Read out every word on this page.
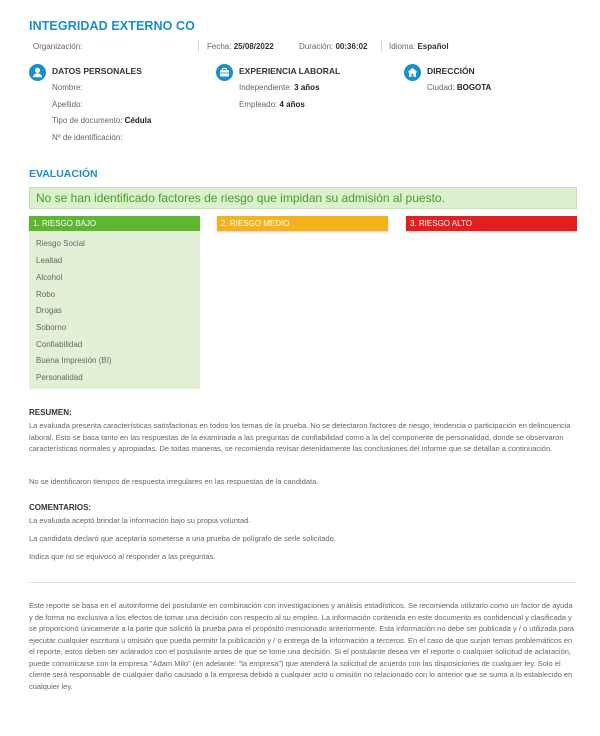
INTEGRIDAD EXTERNO CO
Organización:	Fecha: 25/08/2022	Duración: 00:36:02	Idioma: Español
DATOS PERSONALES
Nombre:
Apellido:
Tipo de documento: Cédula
Nº de identificación:
EXPERIENCIA LABORAL
Independiente: 3 años
Empleado: 4 años
DIRECCIÓN
Ciudad: BOGOTA
EVALUACIÓN
No se han identificado factores de riesgo que impidan su admisión al puesto.
1. RIESGO BAJO	2. RIESGO MEDIO	3. RIESGO ALTO
Riesgo Social
Lealtad
Alcohol
Robo
Drogas
Soborno
Confiabilidad
Buena Impresión (BI)
Personalidad
RESUMEN:

La evaluada presenta características satisfactorias en todos los temas de la prueba. No se detectaron factores de riesgo, tendencia o participación en delincuencia laboral. Esto se basa tanto en las respuestas de la examinada a las preguntas de confiabilidad como a la del componente de personalidad, donde se observaron características normales y apropiadas. De todas maneras, se recomienda revisar detenidamente las conclusiones del informe que se detallan a continuación.

No se identificaron tiempos de respuesta irregulares en las respuestas de la candidata.

COMENTARIOS:

La evaluada aceptó brindar la información bajo su propia voluntad.

La candidata declaró que aceptaría someterse a una prueba de polígrafo de serle solicitado.

Indica que no se equivocó al responder a las preguntas.

Este reporte se basa en el autoinforme del postulante en combinación con investigaciones y análisis estadísticos. Se recomienda utilizarlo como un factor de ayuda y de forma no exclusiva a los efectos de tomar una decisión con respecto al su empleo. La información contenida en este documento es confidencial y clasificada y se proporcionó únicamente a la parte que solicitó la prueba para el propósito mencionado anteriormente. Esta información no debe ser publicada y / o utilizada para ejecutar cualquier escritura u omisión que pueda permitir la publicación y / o entrega de la información a terceros. En el caso de que surjan temas problemáticos en el reporte, estos deben ser aclarados con el postulante antes de que se tome una decisión. Si el postulante desea ver el reporte o cualquier solicitud de aclaración, puede comunicarse con la empresa "Adam Milo" (en adelante: "la empresa") que atenderá la solicitud de acuerdo con las disposiciones de cualquier ley. Solo el cliente será responsable de cualquier daño causado a la empresa debido a cualquier acto u omisión no relacionado con lo anterior que se suma a lo establecido en cualquier ley.
